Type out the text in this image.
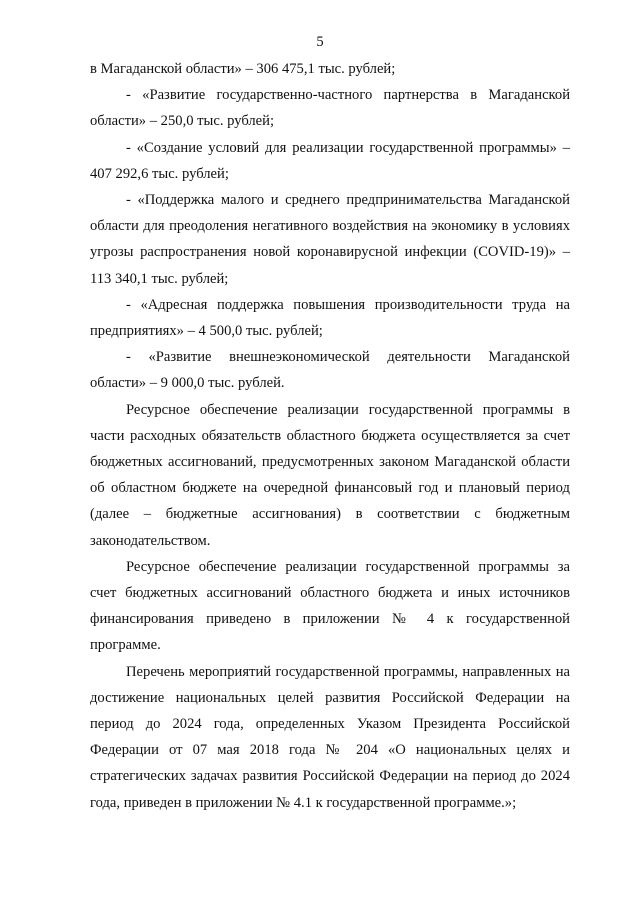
5

в Магаданской области» – 306 475,1 тыс. рублей;

- «Развитие государственно-частного партнерства в Магаданской области» – 250,0 тыс. рублей;

- «Создание условий для реализации государственной программы» – 407 292,6 тыс. рублей;

- «Поддержка малого и среднего предпринимательства Магаданской области для преодоления негативного воздействия на экономику в условиях угрозы распространения новой коронавирусной инфекции (COVID-19)» – 113 340,1 тыс. рублей;

- «Адресная поддержка повышения производительности труда на предприятиях» – 4 500,0 тыс. рублей;

- «Развитие внешнеэкономической деятельности Магаданской области» – 9 000,0 тыс. рублей.

Ресурсное обеспечение реализации государственной программы в части расходных обязательств областного бюджета осуществляется за счет бюджетных ассигнований, предусмотренных законом Магаданской области об областном бюджете на очередной финансовый год и плановый период (далее – бюджетные ассигнования) в соответствии с бюджетным законодательством.

Ресурсное обеспечение реализации государственной программы за счет бюджетных ассигнований областного бюджета и иных источников финансирования приведено в приложении № 4 к государственной программе.

Перечень мероприятий государственной программы, направленных на достижение национальных целей развития Российской Федерации на период до 2024 года, определенных Указом Президента Российской Федерации от 07 мая 2018 года № 204 «О национальных целях и стратегических задачах развития Российской Федерации на период до 2024 года, приведен в приложении № 4.1 к государственной программе.»;
